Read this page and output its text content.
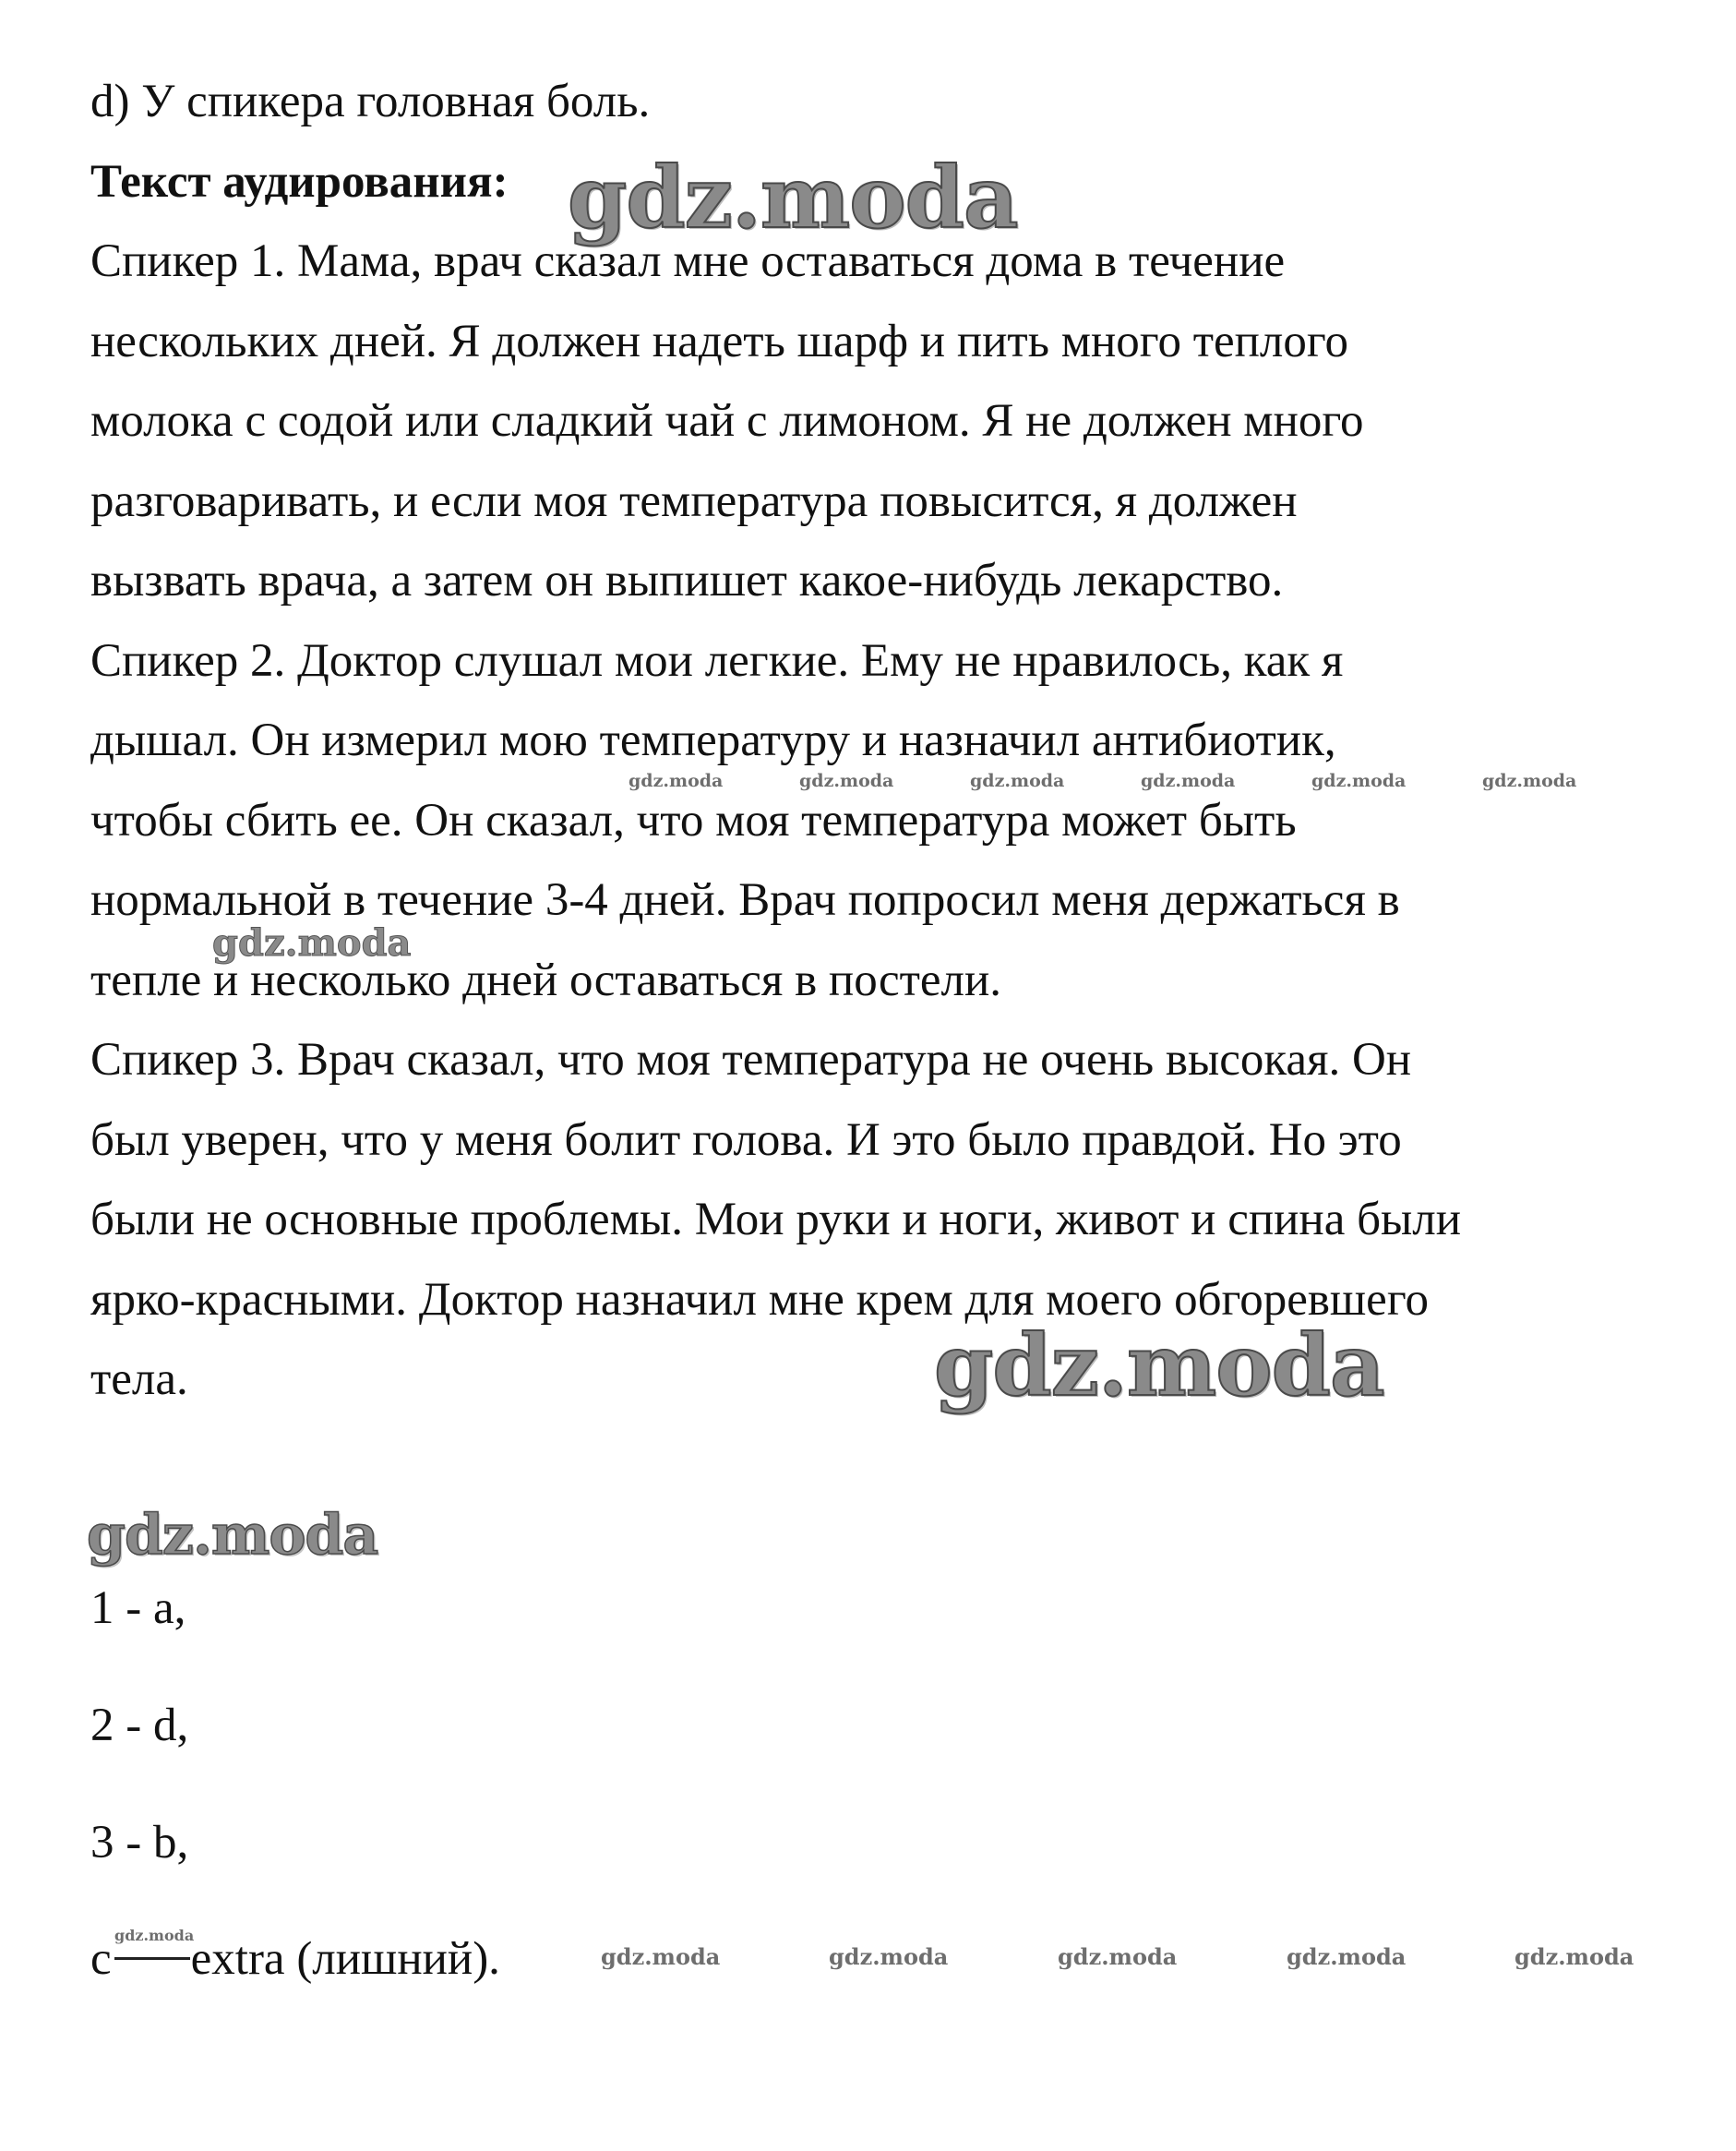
d) У спикера головная боль.

Текст аудирования:

Спикер 1. Мама, врач сказал мне оставаться дома в течение

нескольких дней. Я должен надеть шарф и пить много теплого

молока с содой или сладкий чай с лимоном. Я не должен много

разговаривать, и если моя температура повысится, я должен

вызвать врача, а затем он выпишет какое-нибудь лекарство.

Спикер 2. Доктор слушал мои легкие. Ему не нравилось, как я

дышал. Он измерил мою температуру и назначил антибиотик,

чтобы сбить ее. Он сказал, что моя температура может быть

нормальной в течение 3-4 дней. Врач попросил меня держаться в

тепле и несколько дней оставаться в постели.

Спикер 3. Врач сказал, что моя температура не очень высокая. Он

был уверен, что у меня болит голова. И это было правдой. Но это

были не основные проблемы. Мои руки и ноги, живот и спина были

ярко-красными. Доктор назначил мне крем для моего обгоревшего

тела.

1 - a,

2 - d,

3 - b,

c extra (лишний).

gdz.moda
gdz.moda
gdz.moda
gdz.moda
gdz.moda	gdz.moda	gdz.moda	gdz.moda	gdz.moda	gdz.moda
gdz.moda
gdz.moda	gdz.moda	gdz.moda	gdz.moda	gdz.moda
